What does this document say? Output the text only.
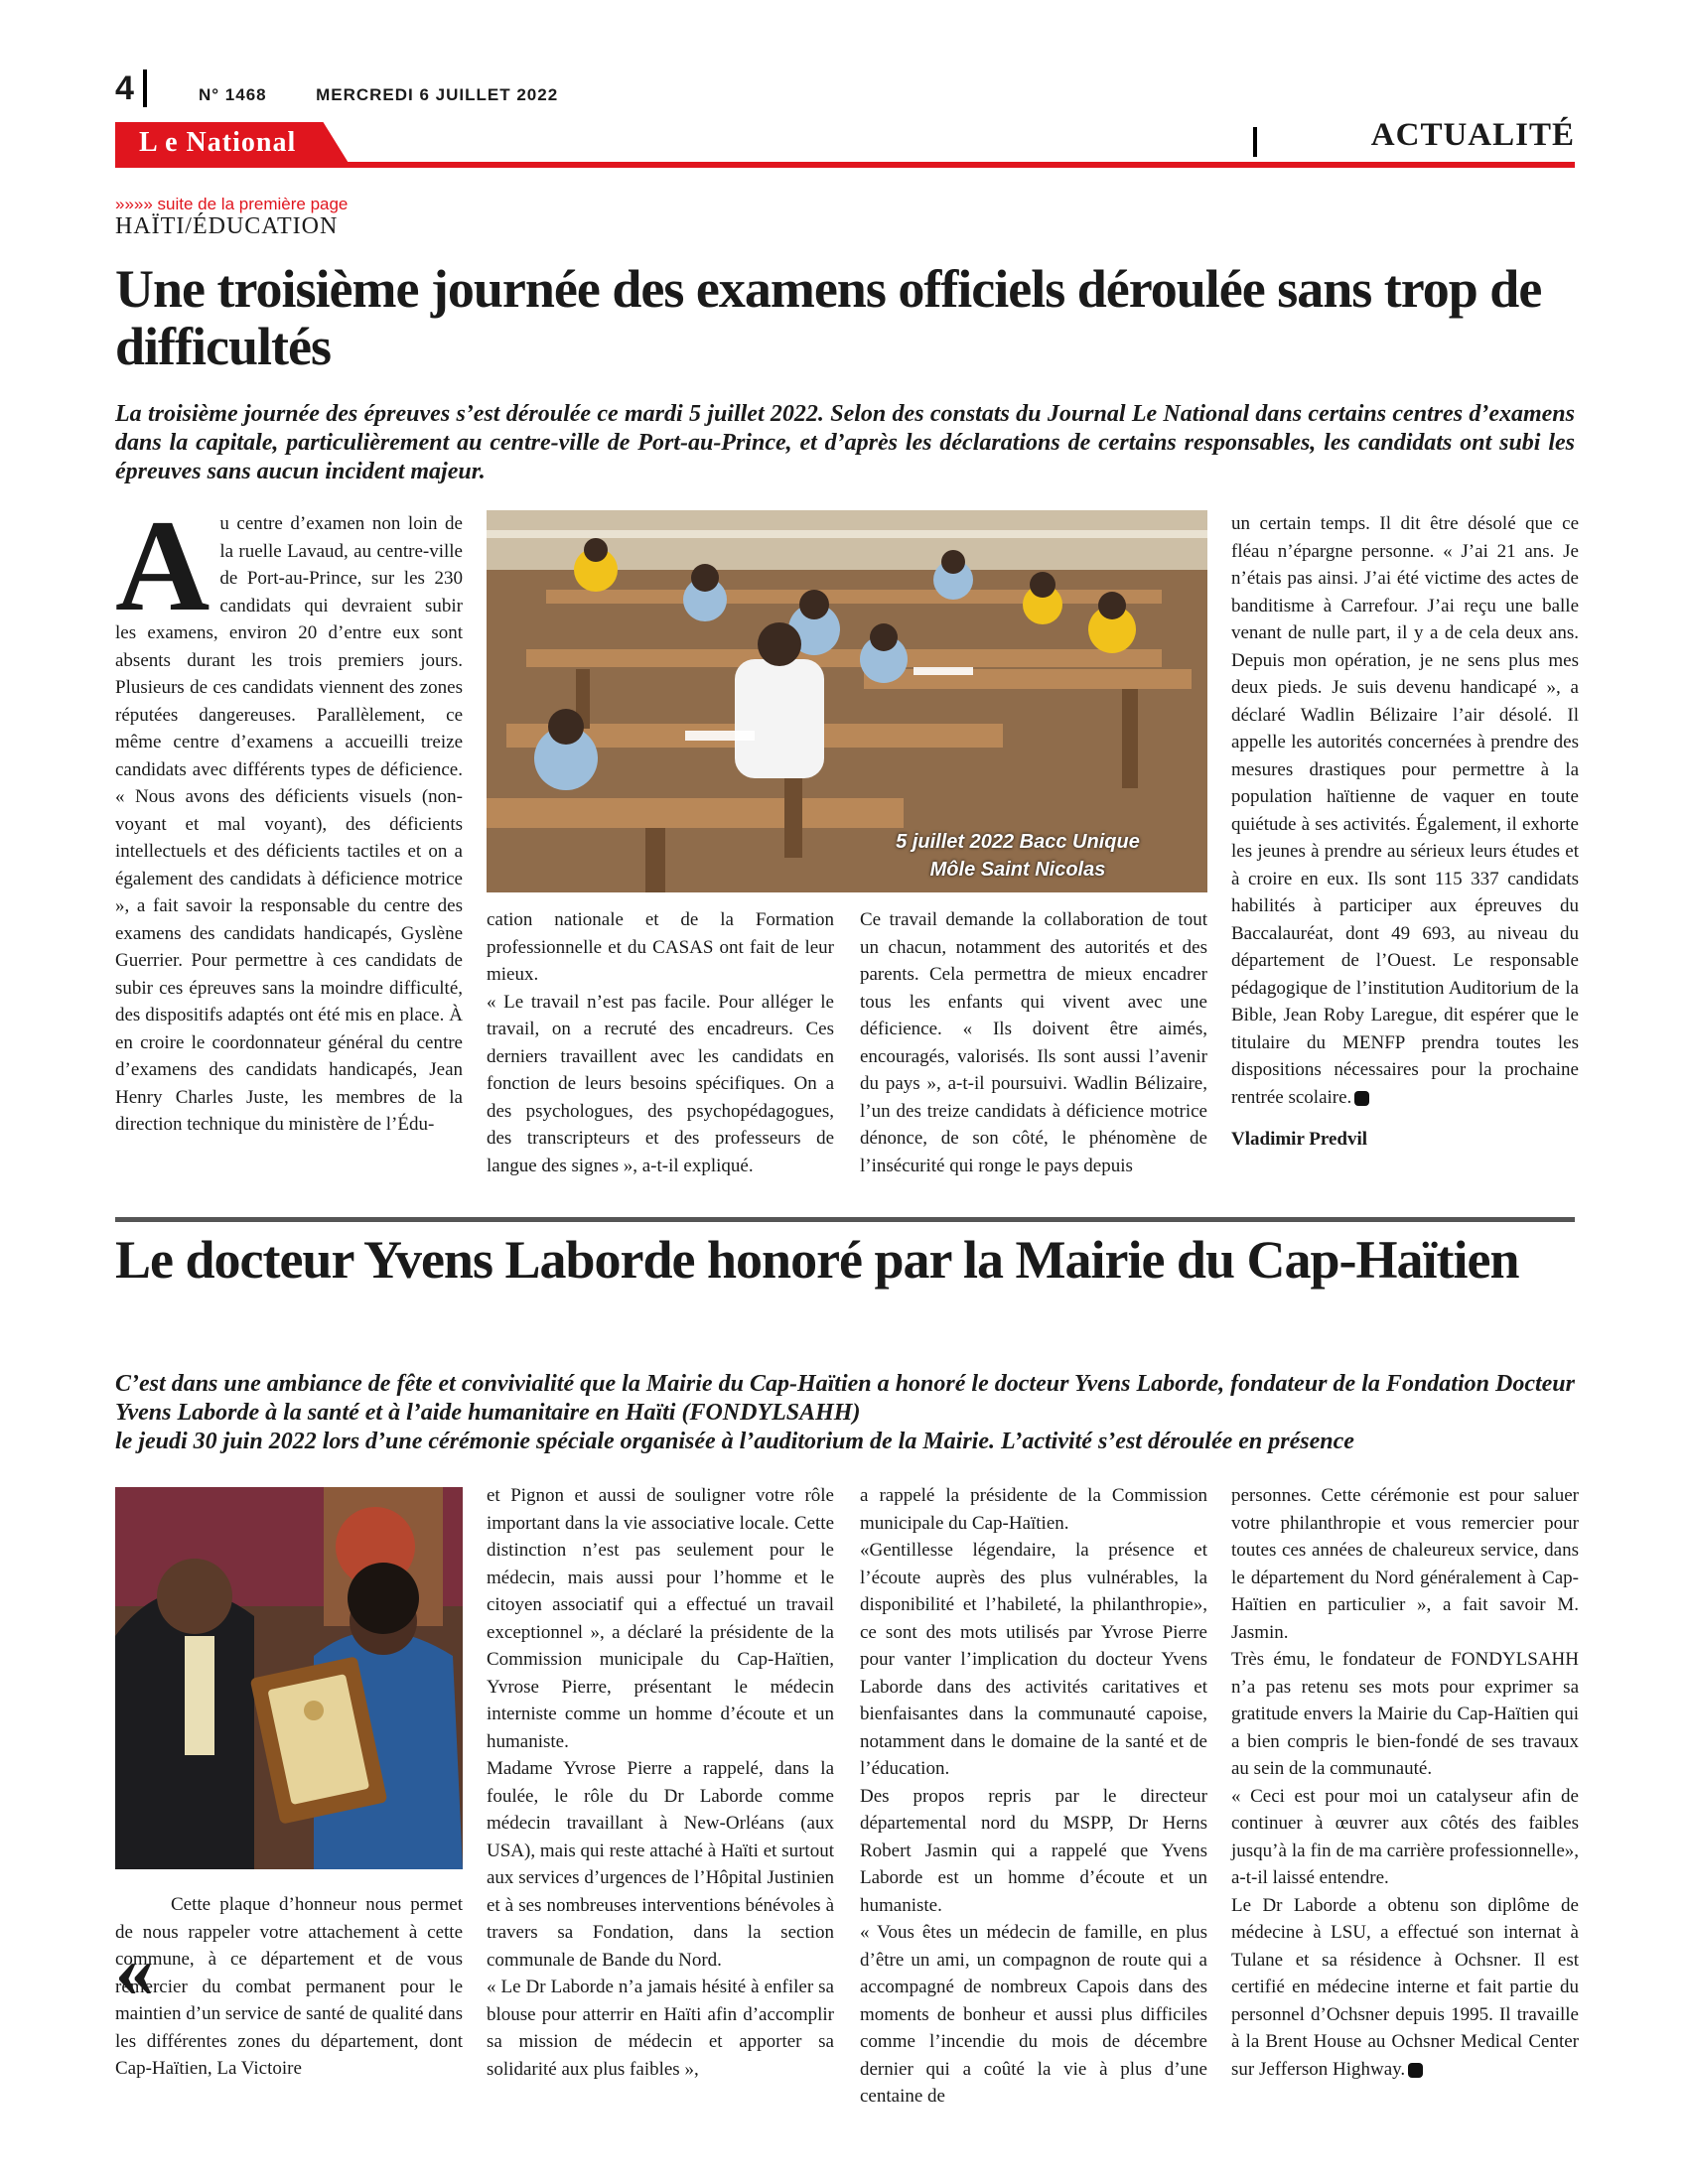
4	N° 1468	MERCREDI 6 JUILLET 2022
L e National	ACTUALITÉ
»»»» suite de la première page
HAÏTI/ÉDUCATION
Une troisième journée des examens officiels déroulée sans trop de difficultés

La troisième journée des épreuves s’est déroulée ce mardi 5 juillet 2022. Selon des constats du Journal Le National dans certains centres d’examens dans la capitale, particulièrement au centre-ville de Port-au-Prince, et d’après les déclarations de certains responsables, les candidats ont subi les épreuves sans aucun incident majeur.

A u centre d’examen non loin de la ruelle Lavaud, au centre-ville de Port-au-Prince, sur les 230 candidats qui devraient subir les examens, environ 20 d’entre eux sont absents durant les trois premiers jours. Plusieurs de ces candidats viennent des zones réputées dangereuses. Parallèlement, ce même centre d’examens a accueilli treize candidats avec différents types de déficience. « Nous avons des déficients visuels (non-voyant et mal voyant), des déficients intellectuels et des déficients tactiles et on a également des candidats à déficience motrice », a fait savoir la responsable du centre des examens des candidats handicapés, Gyslène Guerrier. Pour permettre à ces candidats de subir ces épreuves sans la moindre difficulté, des dispositifs adaptés ont été mis en place. À en croire le coordonnateur général du centre d’examens des candidats handicapés, Jean Henry Charles Juste, les membres de la direction technique du ministère de l’Édu-
5 juillet 2022 Bacc Unique
Môle Saint Nicolas

cation nationale et de la Formation professionnelle et du CASAS ont fait de leur mieux.

« Le travail n’est pas facile. Pour alléger le travail, on a recruté des encadreurs. Ces derniers travaillent avec les candidats en fonction de leurs besoins spécifiques. On a des psychologues, des psychopédagogues, des transcripteurs et des professeurs de langue des signes », a-t-il expliqué.

Ce travail demande la collaboration de tout un chacun, notamment des autorités et des parents. Cela permettra de mieux encadrer tous les enfants qui vivent avec une déficience. « Ils doivent être aimés, encouragés, valorisés. Ils sont aussi l’avenir du pays », a-t-il poursuivi. Wadlin Bélizaire, l’un des treize candidats à déficience motrice dénonce, de son côté, le phénomène de l’insécurité qui ronge le pays depuis

un certain temps. Il dit être désolé que ce fléau n’épargne personne. « J’ai 21 ans. Je n’étais pas ainsi. J’ai été victime des actes de banditisme à Carrefour. J’ai reçu une balle venant de nulle part, il y a de cela deux ans. Depuis mon opération, je ne sens plus mes deux pieds. Je suis devenu handicapé », a déclaré Wadlin Bélizaire l’air désolé. Il appelle les autorités concernées à prendre des mesures drastiques pour permettre à la population haïtienne de vaquer en toute quiétude à ses activités. Également, il exhorte les jeunes à prendre au sérieux leurs études et à croire en eux. Ils sont 115 337 candidats habilités à participer aux épreuves du Baccalauréat, dont 49 693, au niveau du département de l’Ouest. Le responsable pédagogique de l’institution Auditorium de la Bible, Jean Roby Laregue, dit espérer que le titulaire du MENFP prendra toutes les dispositions nécessaires pour la prochaine rentrée scolaire.
Vladimir Predvil
Le docteur Yvens Laborde honoré par la Mairie du Cap-Haïtien
C’est dans une ambiance de fête et convivialité que la Mairie du Cap-Haïtien a honoré le docteur Yvens Laborde, fondateur de la Fondation Docteur Yvens Laborde à la santé et à l’aide humanitaire en Haïti (FONDYLSAHH)
le jeudi 30 juin 2022 lors d’une cérémonie spéciale organisée à l’auditorium de la Mairie. L’activité s’est déroulée en présence
«
Cette plaque d’honneur nous permet de nous rappeler votre attachement à cette commune, à ce département et de vous remercier du combat permanent pour le maintien d’un service de santé de qualité dans les différentes zones du département, dont Cap-Haïtien, La Victoire

et Pignon et aussi de souligner votre rôle important dans la vie associative locale. Cette distinction n’est pas seulement pour le médecin, mais aussi pour l’homme et le citoyen associatif qui a effectué un travail exceptionnel », a déclaré la présidente de la Commission municipale du Cap-Haïtien, Yvrose Pierre, présentant le médecin interniste comme un homme d’écoute et un humaniste.

Madame Yvrose Pierre a rappelé, dans la foulée, le rôle du Dr Laborde comme médecin travaillant à New-Orléans (aux USA), mais qui reste attaché à Haïti et surtout aux services d’urgences de l’Hôpital Justinien et à ses nombreuses interventions bénévoles à travers sa Fondation, dans la section communale de Bande du Nord.

« Le Dr Laborde n’a jamais hésité à enfiler sa blouse pour atterrir en Haïti afin d’accomplir sa mission de médecin et apporter sa solidarité aux plus faibles »,

a rappelé la présidente de la Commission municipale du Cap-Haïtien.

«Gentillesse légendaire, la présence et l’écoute auprès des plus vulnérables, la disponibilité et l’habileté, la philanthropie», ce sont des mots utilisés par Yvrose Pierre pour vanter l’implication du docteur Yvens Laborde dans des activités caritatives et bienfaisantes dans la communauté capoise, notamment dans le domaine de la santé et de l’éducation.

Des propos repris par le directeur départemental nord du MSPP, Dr Herns Robert Jasmin qui a rappelé que Yvens Laborde est un homme d’écoute et un humaniste.

« Vous êtes un médecin de famille, en plus d’être un ami, un compagnon de route qui a accompagné de nombreux Capois dans des moments de bonheur et aussi plus difficiles comme l’incendie du mois de décembre dernier qui a coûté la vie à plus d’une centaine de

personnes. Cette cérémonie est pour saluer votre philanthropie et vous remercier pour toutes ces années de chaleureux service, dans le département du Nord généralement à Cap-Haïtien en particulier », a fait savoir M. Jasmin.

Très ému, le fondateur de FONDYLSAHH n’a pas retenu ses mots pour exprimer sa gratitude envers la Mairie du Cap-Haïtien qui a bien compris le bien-fondé de ses travaux au sein de la communauté.

« Ceci est pour moi un catalyseur afin de continuer à œuvrer aux côtés des faibles jusqu’à la fin de ma carrière professionnelle», a-t-il laissé entendre.

Le Dr Laborde a obtenu son diplôme de médecine à LSU, a effectué son internat à Tulane et sa résidence à Ochsner. Il est certifié en médecine interne et fait partie du personnel d’Ochsner depuis 1995. Il travaille à la Brent House au Ochsner Medical Center sur Jefferson Highway.
